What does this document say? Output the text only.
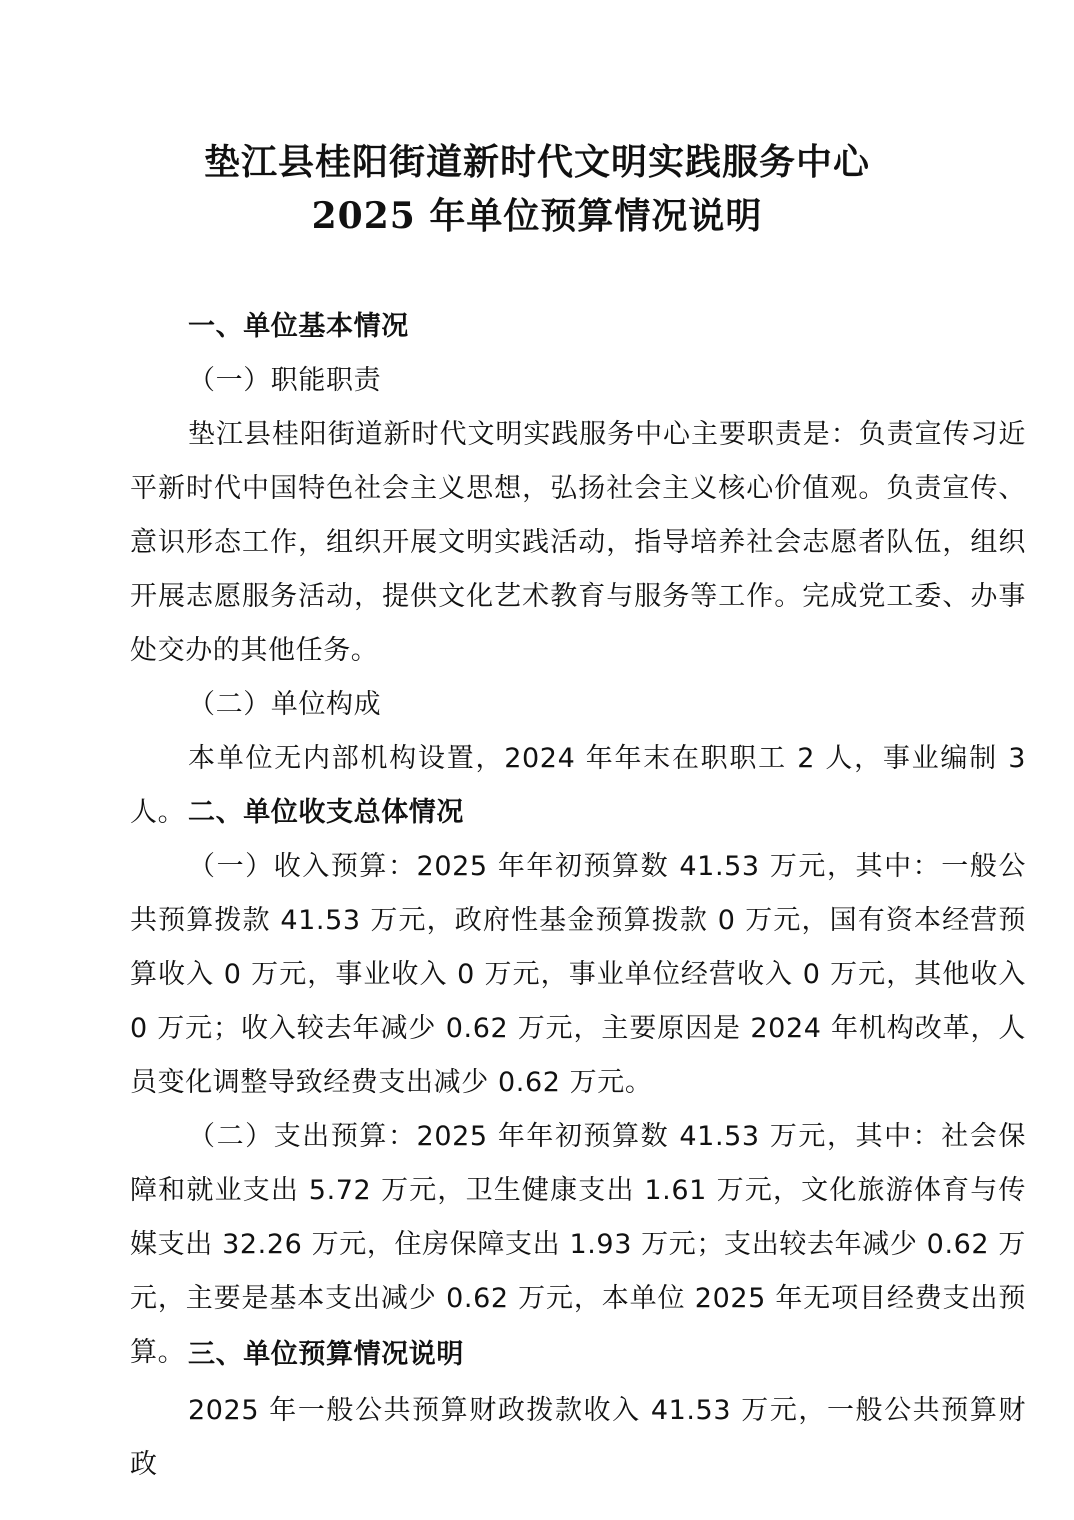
垫江县桂阳街道新时代文明实践服务中心
2025 年单位预算情况说明
一、单位基本情况
（一）职能职责
垫江县桂阳街道新时代文明实践服务中心主要职责是：负责宣传习近平新时代中国特色社会主义思想，弘扬社会主义核心价值观。负责宣传、意识形态工作，组织开展文明实践活动，指导培养社会志愿者队伍，组织开展志愿服务活动，提供文化艺术教育与服务等工作。完成党工委、办事处交办的其他任务。
（二）单位构成
本单位无内部机构设置，2024 年年末在职职工 2 人，事业编制 3 人。 二、单位收支总体情况
（一）收入预算：2025 年年初预算数 41.53 万元，其中：一般公共预算拨款 41.53 万元，政府性基金预算拨款 0 万元，国有资本经营预算收入 0 万元，事业收入 0 万元，事业单位经营收入 0 万元，其他收入 0 万元；收入较去年减少 0.62 万元，主要原因是 2024 年机构改革，人员变化调整导致经费支出减少 0.62 万元。
（二）支出预算：2025 年年初预算数 41.53 万元，其中：社会保障和就业支出 5.72 万元，卫生健康支出 1.61 万元，文化旅游体育与传媒支出 32.26 万元，住房保障支出 1.93 万元；支出较去年减少 0.62 万元，主要是基本支出减少 0.62 万元，本单位 2025 年无项目经费支出预算。 三、单位预算情况说明
2025 年一般公共预算财政拨款收入 41.53 万元，一般公共预算财政
